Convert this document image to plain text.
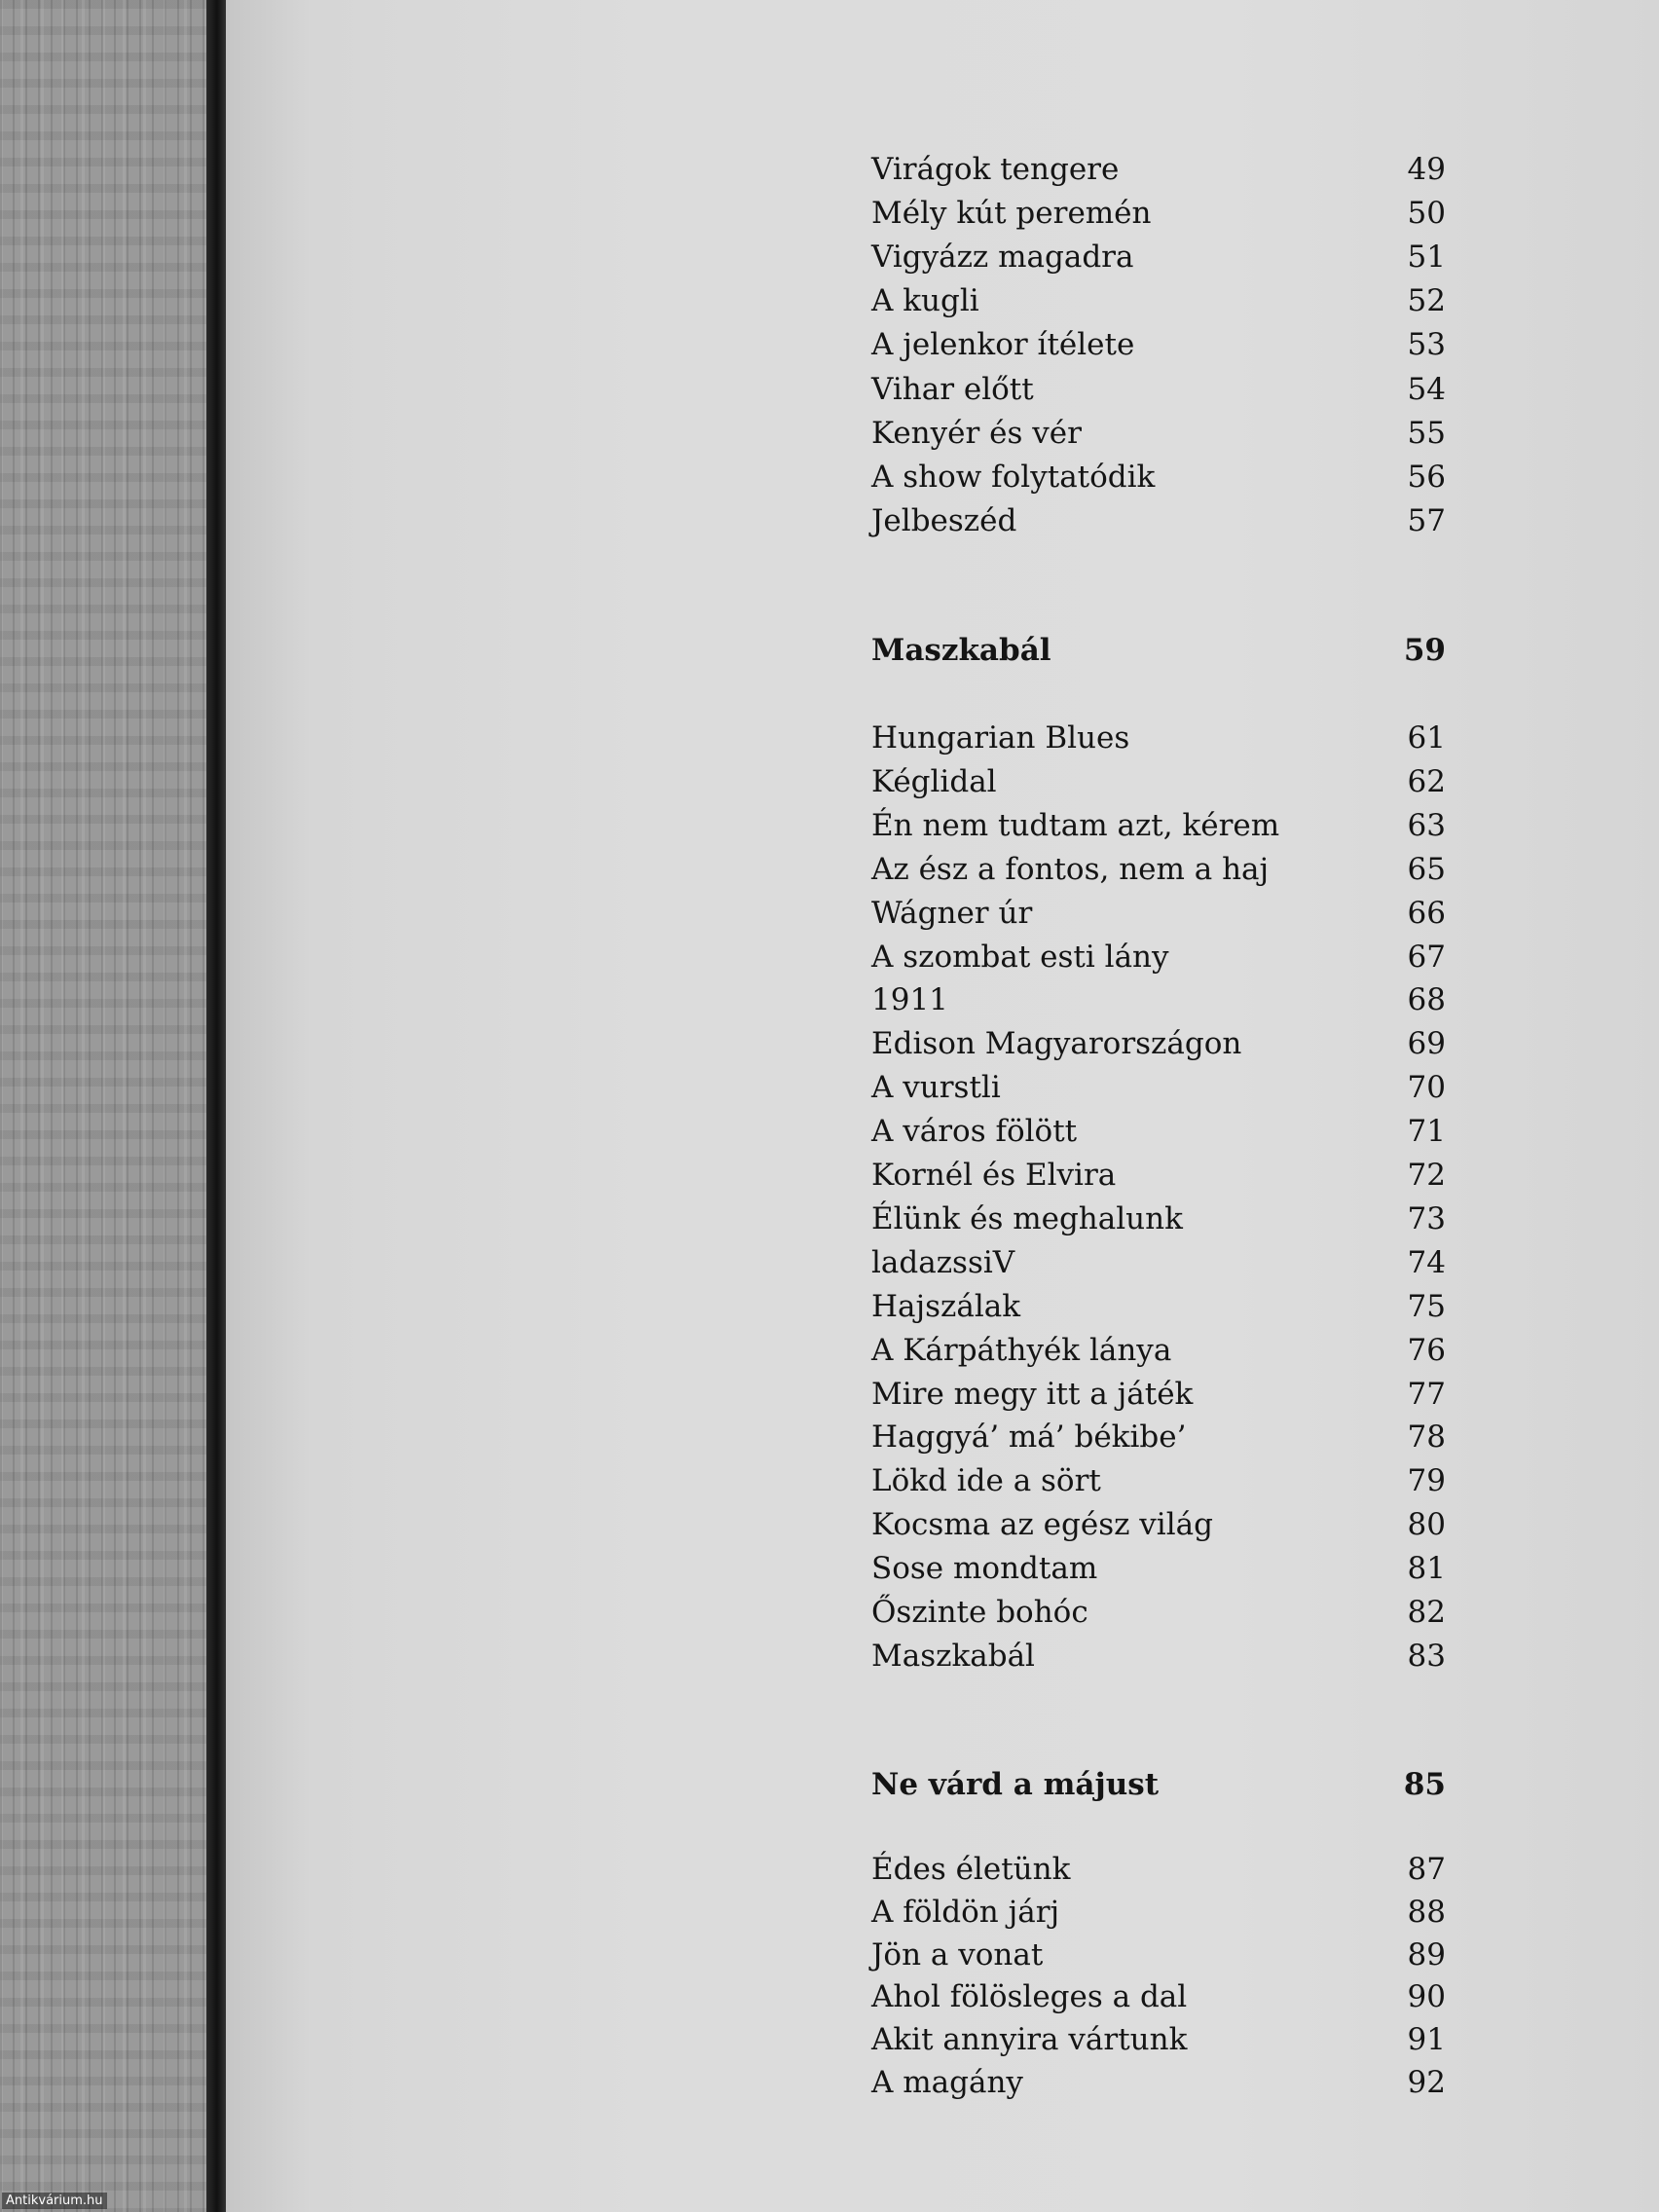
Virágok tengere	49
Mély kút peremén	50
Vigyázz magadra	51
A kugli	52
A jelenkor ítélete	53
Vihar előtt	54
Kenyér és vér	55
A show folytatódik	56
Jelbeszéd	57
Maszkabál	59
Hungarian Blues	61
Kéglidal	62
Én nem tudtam azt, kérem	63
Az ész a fontos, nem a haj	65
Wágner úr	66
A szombat esti lány	67
1911	68
Edison Magyarországon	69
A vurstli	70
A város fölött	71
Kornél és Elvira	72
Élünk és meghalunk	73
ladazssiV	74
Hajszálak	75
A Kárpáthyék lánya	76
Mire megy itt a játék	77
Haggyá’ má’ békibe’	78
Lökd ide a sört	79
Kocsma az egész világ	80
Sose mondtam	81
Őszinte bohóc	82
Maszkabál	83
Ne várd a májust	85
Édes életünk	87
A földön járj	88
Jön a vonat	89
Ahol fölösleges a dal	90
Akit annyira vártunk	91
A magány	92
Antikvárium.hu
